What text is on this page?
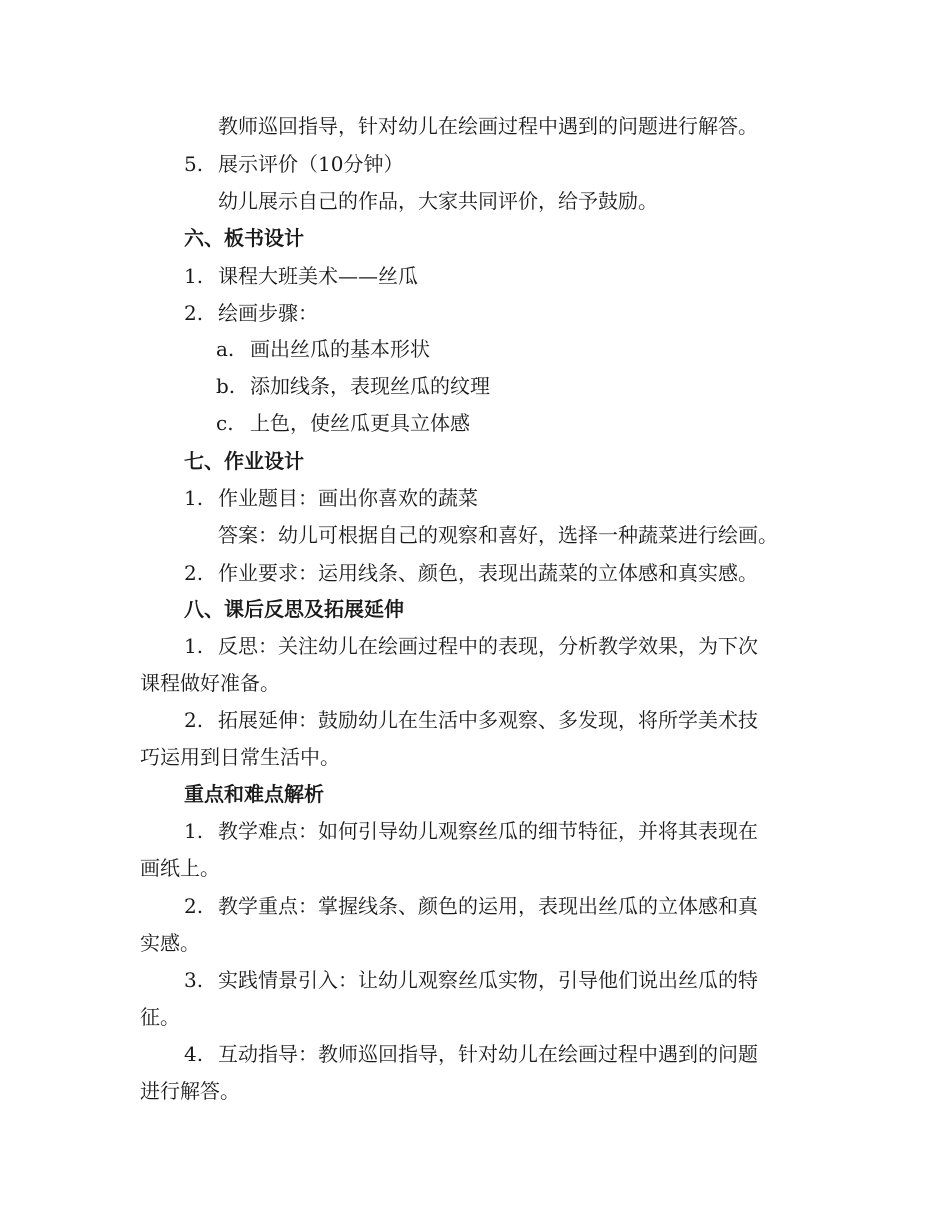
教师巡回指导，针对幼儿在绘画过程中遇到的问题进行解答。
5. 展示评价（10分钟）
幼儿展示自己的作品，大家共同评价，给予鼓励。
六、板书设计
1. 课程大班美术——丝瓜
2. 绘画步骤：
a. 画出丝瓜的基本形状
b. 添加线条，表现丝瓜的纹理
c. 上色，使丝瓜更具立体感
七、作业设计
1. 作业题目：画出你喜欢的蔬菜
答案：幼儿可根据自己的观察和喜好，选择一种蔬菜进行绘画。
2. 作业要求：运用线条、颜色，表现出蔬菜的立体感和真实感。
八、课后反思及拓展延伸
1. 反思：关注幼儿在绘画过程中的表现，分析教学效果，为下次
课程做好准备。
2. 拓展延伸：鼓励幼儿在生活中多观察、多发现，将所学美术技
巧运用到日常生活中。
重点和难点解析
1. 教学难点：如何引导幼儿观察丝瓜的细节特征，并将其表现在
画纸上。
2. 教学重点：掌握线条、颜色的运用，表现出丝瓜的立体感和真
实感。
3. 实践情景引入：让幼儿观察丝瓜实物，引导他们说出丝瓜的特
征。
4. 互动指导：教师巡回指导，针对幼儿在绘画过程中遇到的问题
进行解答。
